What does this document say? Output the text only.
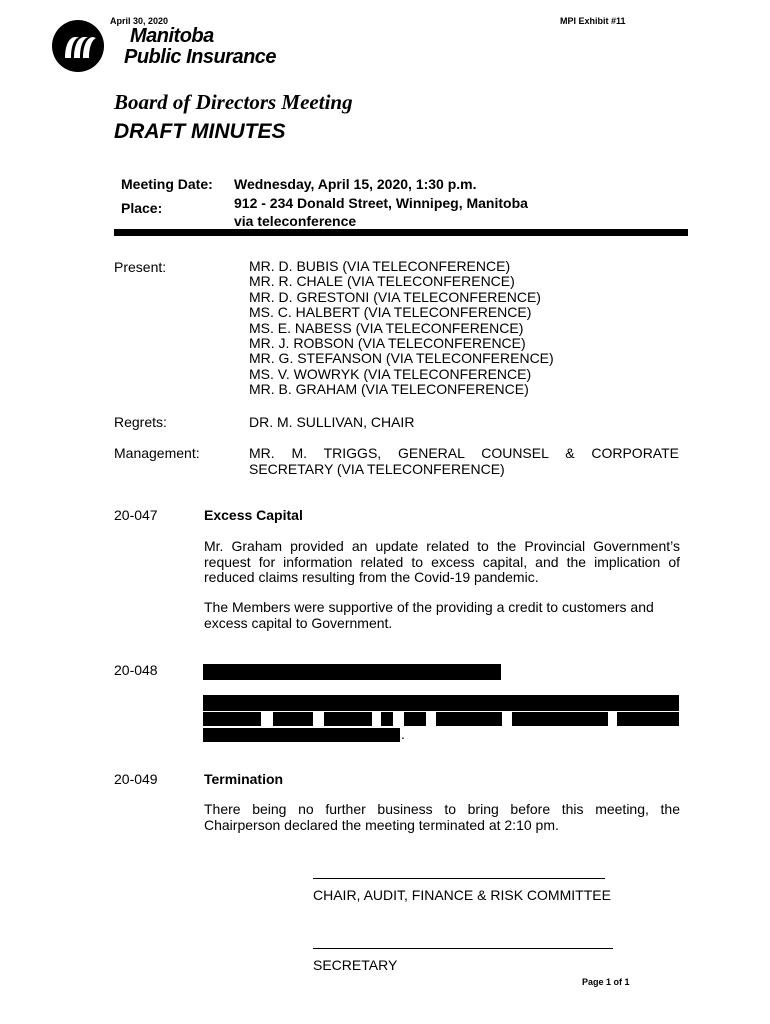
April 30, 2020	MPI Exhibit #11
Manitoba
Public Insurance
Board of Directors Meeting
DRAFT MINUTES
Meeting Date: Wednesday, April 15, 2020, 1:30 p.m.
Place:	912 - 234 Donald Street, Winnipeg, Manitoba
via teleconference
Present:	MR. D. BUBIS (VIA TELECONFERENCE)
MR. R. CHALE (VIA TELECONFERENCE)
MR. D. GRESTONI (VIA TELECONFERENCE)
MS. C. HALBERT (VIA TELECONFERENCE)
MS. E. NABESS (VIA TELECONFERENCE)
MR. J. ROBSON (VIA TELECONFERENCE)
MR. G. STEFANSON (VIA TELECONFERENCE)
MS. V. WOWRYK (VIA TELECONFERENCE)
MR. B. GRAHAM (VIA TELECONFERENCE)
Regrets:	DR. M. SULLIVAN, CHAIR
Management:	MR. M. TRIGGS, GENERAL COUNSEL & CORPORATE SECRETARY (VIA TELECONFERENCE)
20-047	Excess Capital
Mr. Graham provided an update related to the Provincial Government’s request for information related to excess capital, and the implication of reduced claims resulting from the Covid-19 pandemic.
The Members were supportive of the providing a credit to customers and excess capital to Government.
20-048
.
20-049	Termination
There being no further business to bring before this meeting, the Chairperson declared the meeting terminated at 2:10 pm.
CHAIR, AUDIT, FINANCE & RISK COMMITTEE
SECRETARY
Page 1 of 1
